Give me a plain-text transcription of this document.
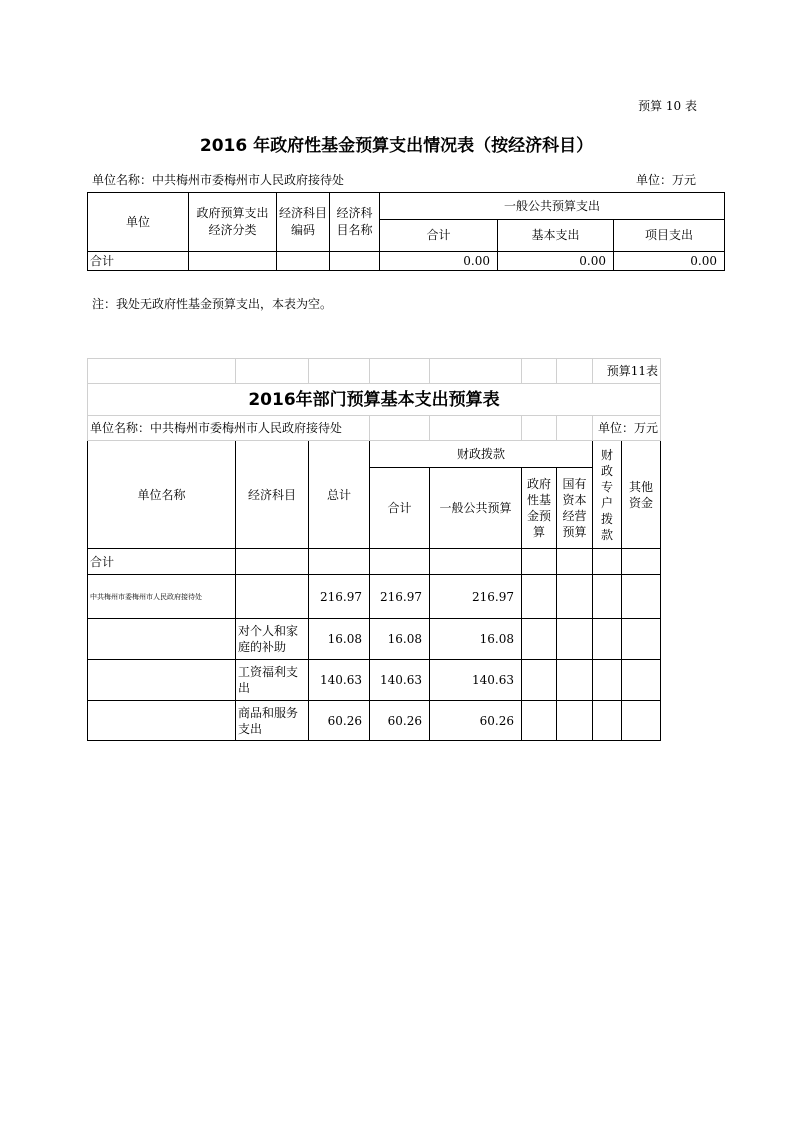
预算 10 表
2016 年政府性基金预算支出情况表（按经济科目）
单位名称：中共梅州市委梅州市人民政府接待处	单位：万元
单位	政府预算支出经济分类	经济科目编码	经济科目名称	一般公共预算支出		
				合计	基本支出	项目支出
合计				0.00	0.00	0.00
注：我处无政府性基金预算支出，本表为空。
							预算11表	
2016年部门预算基本支出预算表								
单位名称：中共梅州市委梅州市人民政府接待处							单位：万元	
单位名称	经济科目	总计	财政拨款				财政专户拨款	其他资金
			合计	一般公共预算	政府性基金预算	国有资本经营预算		
合计								
中共梅州市委梅州市人民政府接待处		216.97	216.97	216.97				
	对个人和家庭的补助	16.08	16.08	16.08				
	工资福利支出	140.63	140.63	140.63				
	商品和服务支出	60.26	60.26	60.26				
